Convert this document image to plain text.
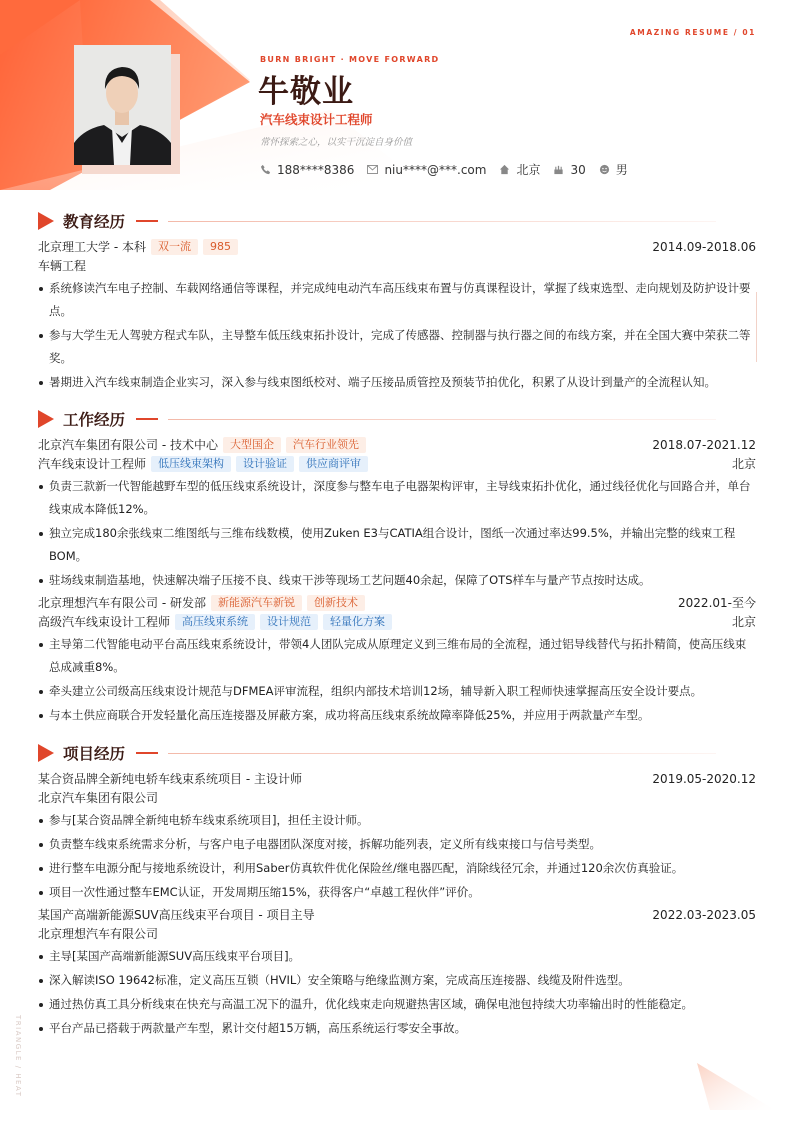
AMAZING RESUME / 01
BURN BRIGHT · MOVE FORWARD
牛敬业
汽车线束设计工程师
常怀探索之心，以实干沉淀自身价值
188****8386	niu****@***.com	北京	30	男
教育经历
北京理工大学 - 本科	双一流	985	2014.09-2018.06
车辆工程
系统修读汽车电子控制、车载网络通信等课程，并完成纯电动汽车高压线束布置与仿真课程设计，掌握了线束选型、走向规划及防护设计要点。
参与大学生无人驾驶方程式车队，主导整车低压线束拓扑设计，完成了传感器、控制器与执行器之间的布线方案，并在全国大赛中荣获二等奖。
暑期进入汽车线束制造企业实习，深入参与线束图纸校对、端子压接品质管控及预装节拍优化，积累了从设计到量产的全流程认知。
工作经历
北京汽车集团有限公司 - 技术中心	大型国企	汽车行业领先	2018.07-2021.12
汽车线束设计工程师	低压线束架构	设计验证	供应商评审	北京
负责三款新一代智能越野车型的低压线束系统设计，深度参与整车电子电器架构评审，主导线束拓扑优化，通过线径优化与回路合并，单台线束成本降低12%。
独立完成180余张线束二维图纸与三维布线数模，使用Zuken E3与CATIA组合设计，图纸一次通过率达99.5%，并输出完整的线束工程BOM。
驻场线束制造基地，快速解决端子压接不良、线束干涉等现场工艺问题40余起，保障了OTS样车与量产节点按时达成。
北京理想汽车有限公司 - 研发部	新能源汽车新锐	创新技术	2022.01-至今
高级汽车线束设计工程师	高压线束系统	设计规范	轻量化方案	北京
主导第二代智能电动平台高压线束系统设计，带领4人团队完成从原理定义到三维布局的全流程，通过铝导线替代与拓扑精简，使高压线束总成减重8%。
牵头建立公司级高压线束设计规范与DFMEA评审流程，组织内部技术培训12场，辅导新入职工程师快速掌握高压安全设计要点。
与本土供应商联合开发轻量化高压连接器及屏蔽方案，成功将高压线束系统故障率降低25%，并应用于两款量产车型。
项目经历
某合资品牌全新纯电轿车线束系统项目 - 主设计师	2019.05-2020.12
北京汽车集团有限公司
参与[某合资品牌全新纯电轿车线束系统项目]，担任主设计师。
负责整车线束系统需求分析，与客户电子电器团队深度对接，拆解功能列表，定义所有线束接口与信号类型。
进行整车电源分配与接地系统设计，利用Saber仿真软件优化保险丝/继电器匹配，消除线径冗余，并通过120余次仿真验证。
项目一次性通过整车EMC认证，开发周期压缩15%，获得客户“卓越工程伙伴”评价。
某国产高端新能源SUV高压线束平台项目 - 项目主导	2022.03-2023.05
北京理想汽车有限公司
主导[某国产高端新能源SUV高压线束平台项目]。
深入解读ISO 19642标准，定义高压互锁（HVIL）安全策略与绝缘监测方案，完成高压连接器、线缆及附件选型。
通过热仿真工具分析线束在快充与高温工况下的温升，优化线束走向规避热害区域，确保电池包持续大功率输出时的性能稳定。
平台产品已搭载于两款量产车型，累计交付超15万辆，高压系统运行零安全事故。
TRIANGLE / HEAT
